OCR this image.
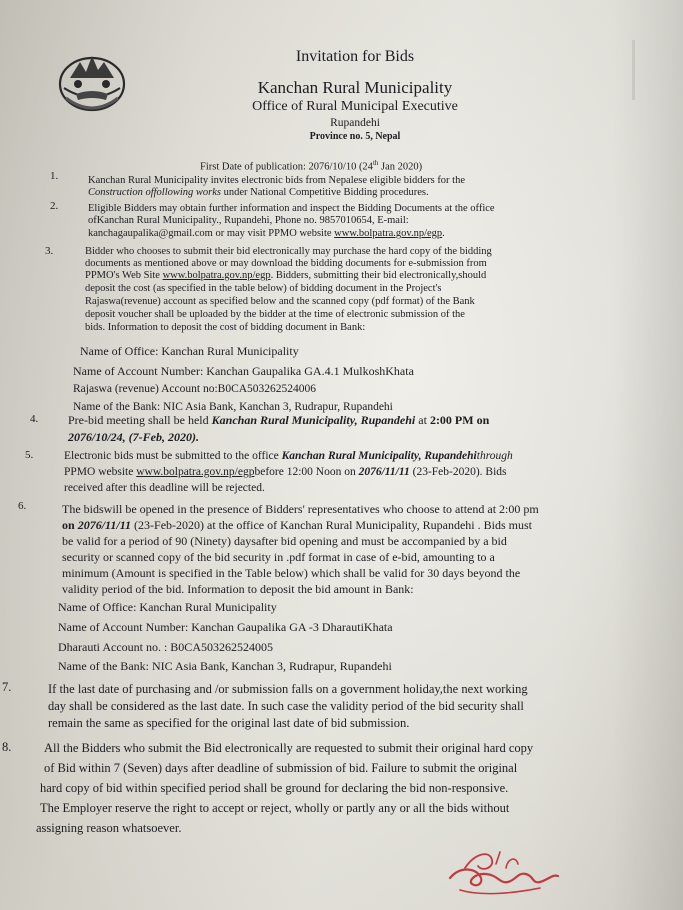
Invitation for Bids
Kanchan Rural Municipality
Office of Rural Municipal Executive
Rupandehi
Province no. 5, Nepal
First Date of publication: 2076/10/10 (24th Jan 2020)
1.	Kanchan Rural Municipality invites electronic bids from Nepalese eligible bidders for the
Construction offollowing works under National Competitive Bidding procedures.
2.	Eligible Bidders may obtain further information and inspect the Bidding Documents at the office
ofKanchan Rural Municipality., Rupandehi, Phone no. 9857010654, E-mail:
kanchagaupalika@gmail.com or may visit PPMO website www.bolpatra.gov.np/egp.
3.	Bidder who chooses to submit their bid electronically may purchase the hard copy of the bidding
documents as mentioned above or may download the bidding documents for e-submission from
PPMO's Web Site www.bolpatra.gov.np/egp. Bidders, submitting their bid electronically,should
deposit the cost (as specified in the table below) of bidding document in the Project's
Rajaswa(revenue) account as specified below and the scanned copy (pdf format) of the Bank
deposit voucher shall be uploaded by the bidder at the time of electronic submission of the
bids. Information to deposit the cost of bidding document in Bank:
Name of Office: Kanchan Rural Municipality
Name of Account Number: Kanchan Gaupalika GA.4.1 MulkoshKhata
Rajaswa (revenue) Account no:B0CA503262524006
Name of the Bank: NIC Asia Bank, Kanchan 3, Rudrapur, Rupandehi
4. Pre-bid meeting shall be held Kanchan Rural Municipality, Rupandehi at 2:00 PM on
2076/10/24, (7-Feb, 2020).
5.	Electronic bids must be submitted to the office Kanchan Rural Municipality, Rupandehithrough
PPMO website www.bolpatra.gov.np/egpbefore 12:00 Noon on 2076/11/11 (23-Feb-2020). Bids
received after this deadline will be rejected.
6.	The bidswill be opened in the presence of Bidders' representatives who choose to attend at 2:00 pm
on 2076/11/11 (23-Feb-2020) at the office of Kanchan Rural Municipality, Rupandehi . Bids must
be valid for a period of 90 (Ninety) daysafter bid opening and must be accompanied by a bid
security or scanned copy of the bid security in .pdf format in case of e-bid, amounting to a
minimum (Amount is specified in the Table below) which shall be valid for 30 days beyond the
validity period of the bid. Information to deposit the bid amount in Bank:
Name of Office: Kanchan Rural Municipality
Name of Account Number: Kanchan Gaupalika GA -3 DharautiKhata
Dharauti Account no. : B0CA503262524005
Name of the Bank: NIC Asia Bank, Kanchan 3, Rudrapur, Rupandehi
7.	If the last date of purchasing and /or submission falls on a government holiday,the next working
day shall be considered as the last date. In such case the validity period of the bid security shall
remain the same as specified for the original last date of bid submission.
8.	All the Bidders who submit the Bid electronically are requested to submit their original hard copy
of Bid within 7 (Seven) days after deadline of submission of bid. Failure to submit the original
hard copy of bid within specified period shall be ground for declaring the bid non-responsive.
The Employer reserve the right to accept or reject, wholly or partly any or all the bids without
assigning reason whatsoever.
